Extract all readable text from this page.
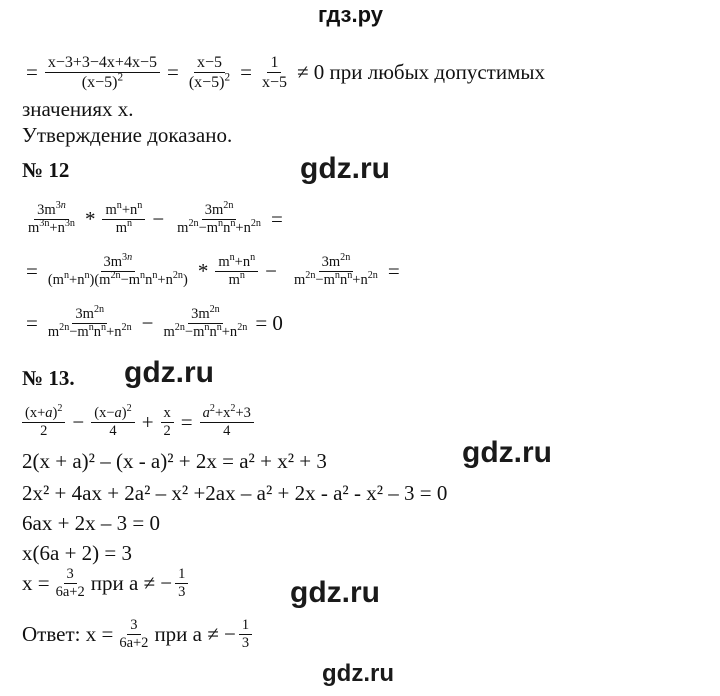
гдз.ру
= $\frac{x-3+3-4x+4x-5}{(x-5)^2} = \frac{x-5}{(x-5)^2} = \frac{1}{x-5} \ne 0$ при любых допустимых
значениях x.
Утверждение доказано.
№ 12	gdz.ru
$\frac{3m^{3n}}{m^{3n}+n^{3n}} * \frac{m^n+n^n}{m^n} - \frac{3m^{2n}}{m^{2n}-m^nn^n+n^{2n}}$ =
= $\frac{3m^{3n}}{(m^n+n^n)(m^{2n}-m^nn^n+n^{2n})} * \frac{m^n+n^n}{m^n} - \frac{3m^{2n}}{m^{2n}-m^nn^n+n^{2n}}$ =
= $\frac{3m^{2n}}{m^{2n}-m^nn^n+n^{2n}} - \frac{3m^{2n}}{m^{2n}-m^nn^n+n^{2n}} = 0$
№ 13. gdz.ru
$\frac{(x+a)^2}{2} - \frac{(x-a)^2}{4} + \frac{x}{2} = \frac{a^2+x^2+3}{4}$
gdz.ru
2(x + a)² – (x - a)² + 2x = a² + x² + 3
2x² + 4ax + 2a² – x² +2ax – a² + 2x - a² - x² – 3 = 0
6ax + 2x – 3 = 0
x(6a + 2) = 3
$x = \frac{3}{6a+2}$ при a ≠ − $\frac{1}{3}$	gdz.ru
Ответ: $x = \frac{3}{6a+2}$ при a ≠ − $\frac{1}{3}$
gdz.ru
